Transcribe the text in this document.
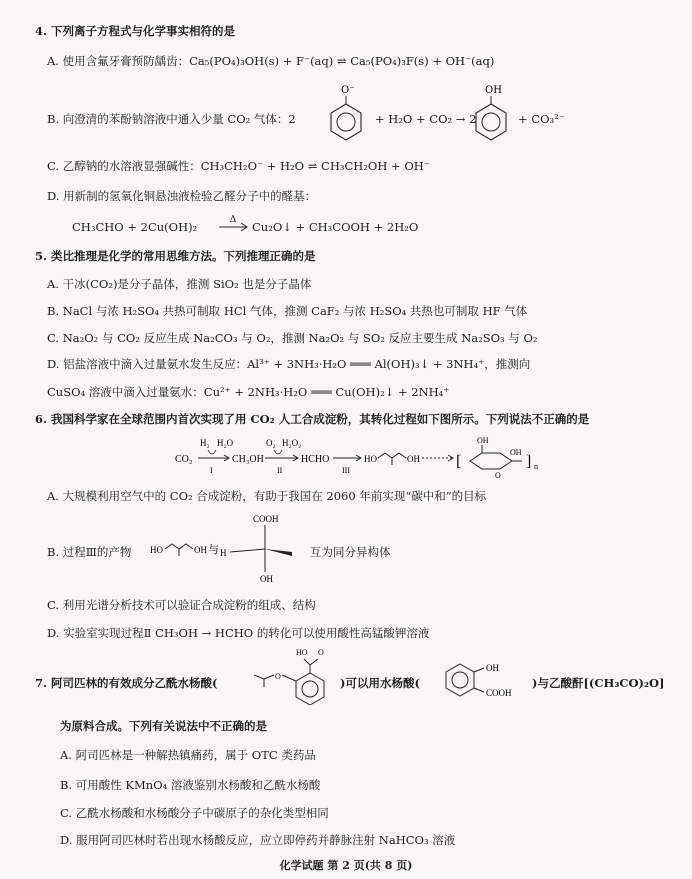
4. 下列离子方程式与化学事实相符的是
A. 使用含氟牙膏预防龋齿：Ca₅(PO₄)₃OH(s) + F⁻(aq) ⇌ Ca₅(PO₄)₃F(s) + OH⁻(aq)
B. 向澄清的苯酚钠溶液中通入少量 CO₂ 气体：2
O⁻
+ H₂O + CO₂ → 2
OH
+ CO₃²⁻
C. 乙醇钠的水溶液显强碱性：CH₃CH₂O⁻ + H₂O ⇌ CH₃CH₂OH + OH⁻
D. 用新制的氢氧化铜悬浊液检验乙醛分子中的醛基：
CH₃CHO + 2Cu(OH)₂	Δ → Cu₂O↓ + CH₃COOH + 2H₂O
5. 类比推理是化学的常用思维方法。下列推理正确的是
A. 干冰(CO₂)是分子晶体，推测 SiO₂ 也是分子晶体
B. NaCl 与浓 H₂SO₄ 共热可制取 HCl 气体，推测 CaF₂ 与浓 H₂SO₄ 共热也可制取 HF 气体
C. Na₂O₂ 与 CO₂ 反应生成 Na₂CO₃ 与 O₂，推测 Na₂O₂ 与 SO₂ 反应主要生成 Na₂SO₃ 与 O₂
D. 铝盐溶液中滴入过量氨水发生反应：Al³⁺ + 3NH₃·H₂O ═══ Al(OH)₃↓ + 3NH₄⁺，推测向
CuSO₄ 溶液中滴入过量氨水：Cu²⁺ + 2NH₃·H₂O ═══ Cu(OH)₂↓ + 2NH₄⁺
6. 我国科学家在全球范围内首次实现了用 CO₂ 人工合成淀粉，其转化过程如下图所示。下列说法不正确的是
CO₂
H₂ H₂O
I
CH₃OH
O₂ H₂O₂
II
HCHO
III
HO	OH [
OH
O
OH
] n
A. 大规模利用空气中的 CO₂ 合成淀粉，有助于我国在 2060 年前实现“碳中和”的目标
B. 过程Ⅲ的产物 HO	OH 与
COOH
H
OH
互为同分异构体
C. 利用光谱分析技术可以验证合成淀粉的组成、结构
D. 实验室实现过程Ⅱ CH₃OH → HCHO 的转化可以使用酸性高锰酸钾溶液
7. 阿司匹林的有效成分乙酰水杨酸(
HO O
O	)可以用水杨酸(
OH
COOH
)与乙酸酐[(CH₃CO)₂O]
为原料合成。下列有关说法中不正确的是
A. 阿司匹林是一种解热镇痛药，属于 OTC 类药品
B. 可用酸性 KMnO₄ 溶液鉴别水杨酸和乙酰水杨酸
C. 乙酰水杨酸和水杨酸分子中碳原子的杂化类型相同
D. 服用阿司匹林时若出现水杨酸反应，应立即停药并静脉注射 NaHCO₃ 溶液
化学试题 第 2 页(共 8 页)
